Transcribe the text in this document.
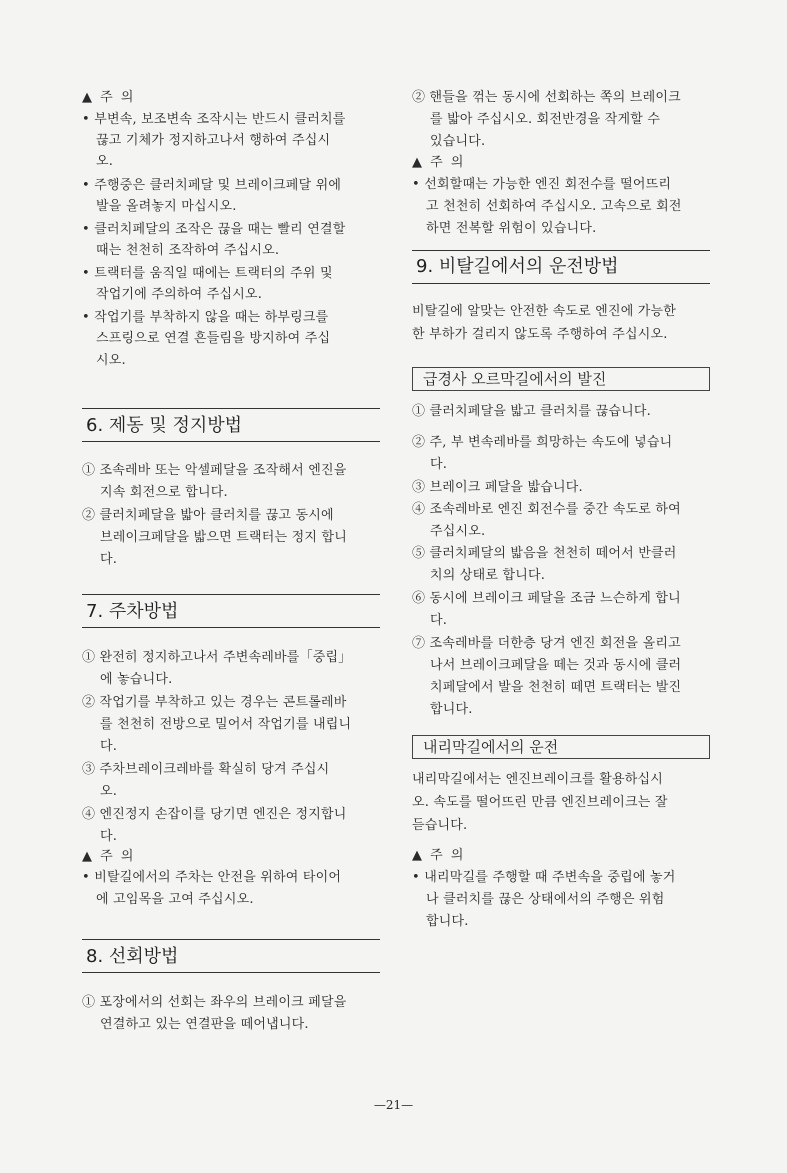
▲ 주 의
• 부변속, 보조변속 조작시는 반드시 클러치를
끊고 기체가 정지하고나서 행하여 주십시
오.
• 주행중은 클러치페달 및 브레이크페달 위에
발을 올려놓지 마십시오.
• 클러치페달의 조작은 끊을 때는 빨리 연결할
때는 천천히 조작하여 주십시오.
• 트랙터를 움직일 때에는 트랙터의 주위 및
작업기에 주의하여 주십시오.
• 작업기를 부착하지 않을 때는 하부링크를
스프링으로 연결 흔들림을 방지하여 주십
시오.
6. 제동 및 정지방법
① 조속레바 또는 악셀페달을 조작해서 엔진을
지속 회전으로 합니다.
② 클러치페달을 밟아 클러치를 끊고 동시에
브레이크페달을 밟으면 트랙터는 정지 합니
다.
7. 주차방법
① 완전히 정지하고나서 주변속레바를「중립」
에 놓습니다.
② 작업기를 부착하고 있는 경우는 콘트롤레바
를 천천히 전방으로 밀어서 작업기를 내립니
다.
③ 주차브레이크레바를 확실히 당겨 주십시
오.
④ 엔진정지 손잡이를 당기면 엔진은 정지합니
다.
▲ 주 의
• 비탈길에서의 주차는 안전을 위하여 타이어
에 고임목을 고여 주십시오.
8. 선회방법
① 포장에서의 선회는 좌우의 브레이크 페달을
연결하고 있는 연결판을 떼어냅니다.
② 핸들을 꺾는 동시에 선회하는 쪽의 브레이크
를 밟아 주십시오. 회전반경을 작게할 수
있습니다.
▲ 주 의
• 선회할때는 가능한 엔진 회전수를 떨어뜨리
고 천천히 선회하여 주십시오. 고속으로 회전
하면 전복할 위험이 있습니다.
9. 비탈길에서의 운전방법
비탈길에 알맞는 안전한 속도로 엔진에 가능한
한 부하가 걸리지 않도록 주행하여 주십시오.
급경사 오르막길에서의 발진
① 클러치페달을 밟고 클러치를 끊습니다.
② 주, 부 변속레바를 희망하는 속도에 넣습니
다.
③ 브레이크 페달을 밟습니다.
④ 조속레바로 엔진 회전수를 중간 속도로 하여
주십시오.
⑤ 클러치페달의 밟음을 천천히 떼어서 반클러
치의 상태로 합니다.
⑥ 동시에 브레이크 페달을 조금 느슨하게 합니
다.
⑦ 조속레바를 더한층 당겨 엔진 회전을 올리고
나서 브레이크페달을 떼는 것과 동시에 클러
치페달에서 발을 천천히 떼면 트랙터는 발진
합니다.
내리막길에서의 운전
내리막길에서는 엔진브레이크를 활용하십시
오. 속도를 떨어뜨린 만큼 엔진브레이크는 잘
듣습니다.
▲ 주 의
• 내리막길를 주행할 때 주변속을 중립에 놓거
나 클러치를 끊은 상태에서의 주행은 위험
합니다.
—21—
